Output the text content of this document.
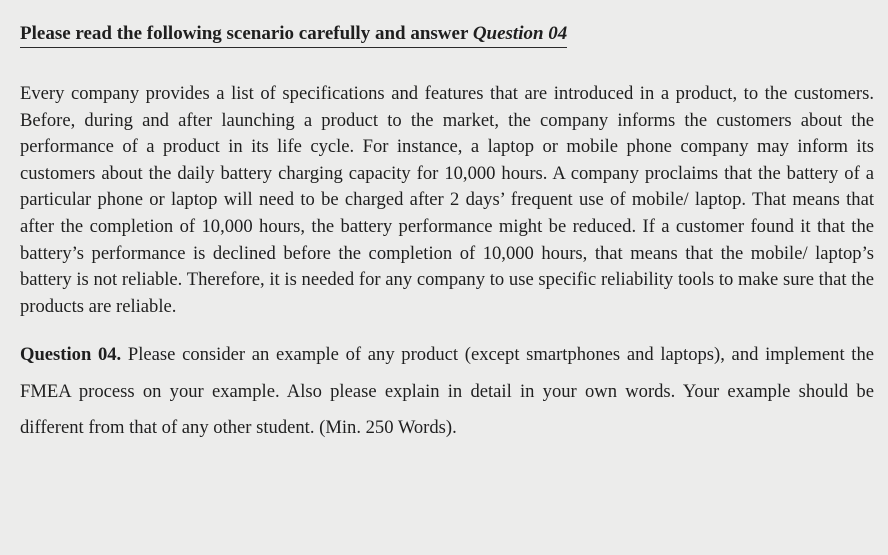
Please read the following scenario carefully and answer Question 04

Every company provides a list of specifications and features that are introduced in a product, to the customers. Before, during and after launching a product to the market, the company informs the customers about the performance of a product in its life cycle. For instance, a laptop or mobile phone company may inform its customers about the daily battery charging capacity for 10,000 hours. A company proclaims that the battery of a particular phone or laptop will need to be charged after 2 days’ frequent use of mobile/ laptop. That means that after the completion of 10,000 hours, the battery performance might be reduced. If a customer found it that the battery’s performance is declined before the completion of 10,000 hours, that means that the mobile/ laptop’s battery is not reliable. Therefore, it is needed for any company to use specific reliability tools to make sure that the products are reliable.

Question 04. Please consider an example of any product (except smartphones and laptops), and implement the FMEA process on your example. Also please explain in detail in your own words. Your example should be different from that of any other student. (Min. 250 Words).
